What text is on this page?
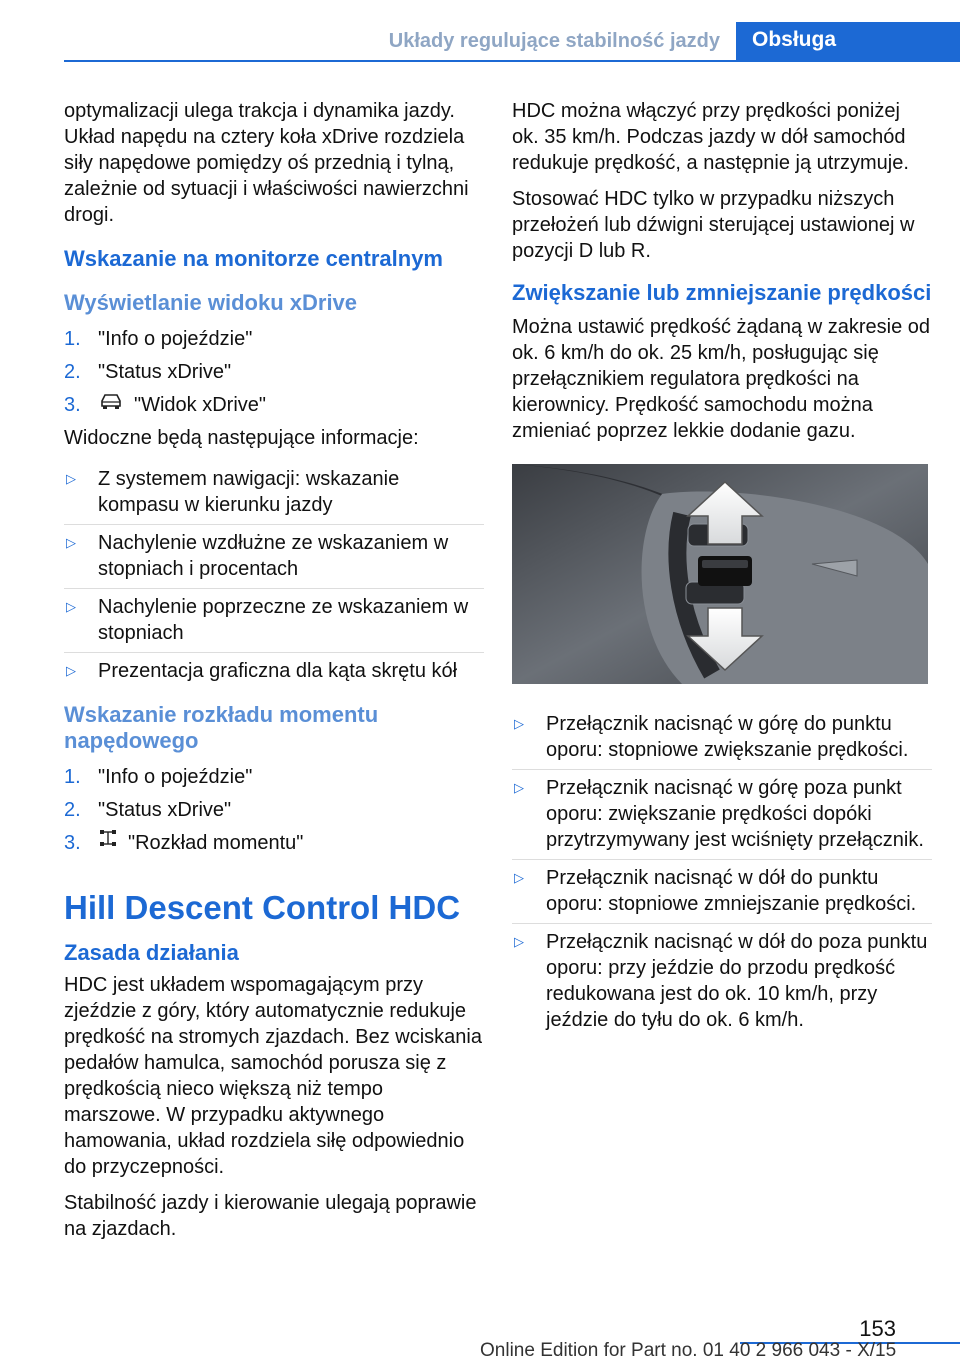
Układy regulujące stabilność jazdy	Obsługa

optymalizacji ulega trakcja i dynamika jazdy. Układ napędu na cztery koła xDrive rozdziela siły napędowe pomiędzy oś przednią i tylną, zależnie od sytuacji i właściwości nawierzchni drogi.

Wskazanie na monitorze centralnym
Wyświetlanie widoku xDrive
1. "Info o pojeździe"
2. "Status xDrive"
3.	"Widok xDrive"

Widoczne będą następujące informacje:

▷ Z systemem nawigacji: wskazanie kompasu w kierunku jazdy
▷ Nachylenie wzdłużne ze wskazaniem w stopniach i procentach
▷ Nachylenie poprzeczne ze wskazaniem w stopniach
▷ Prezentacja graficzna dla kąta skrętu kół
Wskazanie rozkładu momentu napędowego
1. "Info o pojeździe"
2. "Status xDrive"
3. "Rozkład momentu"
Hill Descent Control HDC
Zasada działania

HDC jest układem wspomagającym przy zjeździe z góry, który automatycznie redukuje prędkość na stromych zjazdach. Bez wciskania pedałów hamulca, samochód porusza się z prędkością nieco większą niż tempo marszowe. W przypadku aktywnego hamowania, układ rozdziela siłę odpowiednio do przyczepności.

Stabilność jazdy i kierowanie ulegają poprawie na zjazdach.

HDC można włączyć przy prędkości poniżej ok. 35 km/h. Podczas jazdy w dół samochód redukuje prędkość, a następnie ją utrzymuje.

Stosować HDC tylko w przypadku niższych przełożeń lub dźwigni sterującej ustawionej w pozycji D lub R.

Zwiększanie lub zmniejszanie prędkości

Można ustawić prędkość żądaną w zakresie od ok. 6 km/h do ok. 25 km/h, posługując się przełącznikiem regulatora prędkości na kierownicy. Prędkość samochodu można zmieniać poprzez lekkie dodanie gazu.

▷ Przełącznik nacisnąć w górę do punktu oporu: stopniowe zwiększanie prędkości.
▷ Przełącznik nacisnąć w górę poza punkt oporu: zwiększanie prędkości dopóki przytrzymywany jest wciśnięty przełącznik.
▷ Przełącznik nacisnąć w dół do punktu oporu: stopniowe zmniejszanie prędkości.
▷ Przełącznik nacisnąć w dół do poza punktu oporu: przy jeździe do przodu prędkość redukowana jest do ok. 10 km/h, przy jeździe do tyłu do ok. 6 km/h.
153
Online Edition for Part no. 01 40 2 966 043 - X/15
